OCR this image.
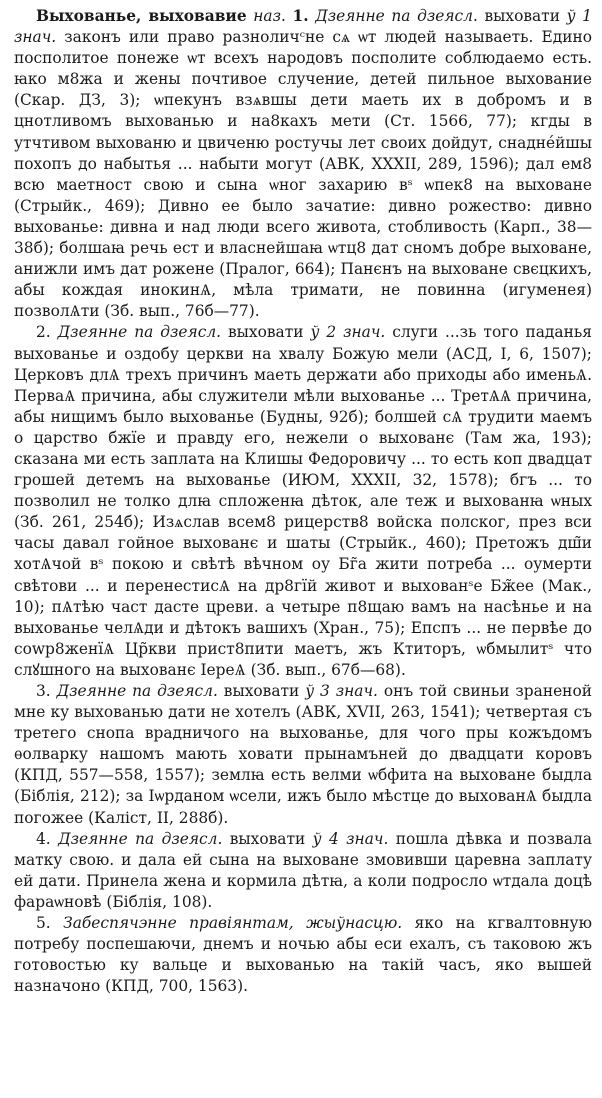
Выхованье, выховавие наз. 1. Дзеянне па дзеясл. выховати ў 1 знач. законъ или право разноличᶜне сѧ ѡт людей называеть. Едино посполитое понеже ѡт всехъ народовъ посполите соблюдаемо есть. ꙗко м8жа и жены почтивое случение, детей пильное выхование (Скар. ДЗ, 3); ѡпекунъ взѧвшы дети маеть их в добромъ и в цнотливомъ выхованью и на8кахъ мети (Ст. 1566, 77); кгды в утчтивом выхованю и цвиченю ростучы лет своих дойдут, снадне́йшы похопъ до набытья ... набыти могут (АВК, XXXII, 289, 1596); дал ем8 всю маетност свою и сына ѡног захарию вˢ ѡпек8 на выховане (Стрыйк., 469); Дивно ее было зачатие: дивно рожество: дивно выхованье: дивна и над люди всего живота, стобливость (Карп., 38—38б); болшаꙗ речь ест и власнейшаꙗ ѡтц8 дат сномъ добре выховане, анижли имъ дат рожене (Пралог, 664); Панєнъ на выховане свєцкихъ, абы кождая инокинѦ, мѣла тримати, не повинна (игуменея) позволѦти (Зб. вып., 76б—77).

2. Дзеянне па дзеясл. выховати ў 2 знач. слуги ...зь того паданья выхованье и оздобу церкви на хвалу Божую мели (АСД, I, 6, 1507); Церковъ длѦ трехъ причинъ маеть держати або приходы або именьѦ. ПерваѦ причина, абы служители мѣли выхованье ... ТретѦѦ причина, абы нищимъ было выхованье (Будны, 92б); болшей сѦ трудити маемъ о царство бжїе и правду его, нежели о выхованє (Там жа, 193); сказана ми есть заплата на Клишы Федоровичу ... то есть коп двадцат грошей детемъ на выхованье (ИЮМ, XXXII, 32, 1578); бгъ ... то позволил не толко длꙗ спложенꙗ дѣток, але теж и выхованꙗ ѡных (Зб. 261, 254б); Изѧслав всем8 рицерств8 войска полског, през вси часы давал гойное выхованє и шаты (Стрыйк., 460); Претожъ дш̃и хотѦчой вˢ покою и свѣтѣ вѣчном оу Бг̃а жити потреба ... оумерти свѣтови ... и перенестисѦ на др8гїй живот и выхованˢе Бж̃ее (Мак., 10); пѦтѣю част дасте цреви. а четыре п8щаю вамъ на насѣнье и на выхованье челѦди и дѣтокъ вашихъ (Хран., 75); Епспъ ... не первѣе до соwр8женїѦ Цр̃кви прист8пити маетъ, жъ Ктиторъ, ѡбмылитˢ что слꙋшного на выхованє ІереѦ (Зб. вып., 67б—68).

3. Дзеянне па дзеясл. выховати ў 3 знач. онъ той свиньи зраненой мне ку выхованью дати не хотелъ (АВК, XVII, 263, 1541); четвертая съ третего снопа врадничого на выхованье, для чого пры кожъдомъ ѳолварку нашомъ мають ховати прынамъней до двадцати коровъ (КПД, 557—558, 1557); землꙗ есть велми ѡбфита на выховане быдла (Біблія, 212); за Іѡрданом ѡсели, ижъ было мѣстце до выхованѦ быдла погожее (Каліст, II, 288б).

4. Дзеянне па дзеясл. выховати ў 4 знач. пошла дѣвка и позвала матку свою. и дала ей сына на выховане змовивши царевна заплату ей дати. Принела жена и кормила дѣтꙗ, а коли подросло ѡтдала доцѣ фараѡновѣ (Біблія, 108).

5. Забеспячэнне правіянтам, жыўнасцю. яко на кгвалтовную потребу поспешаючи, днемъ и ночью абы еси ехалъ, съ таковою жъ готовостью ку вальце и выхованью на такій часъ, яко вышей назначоно (КПД, 700, 1563).
